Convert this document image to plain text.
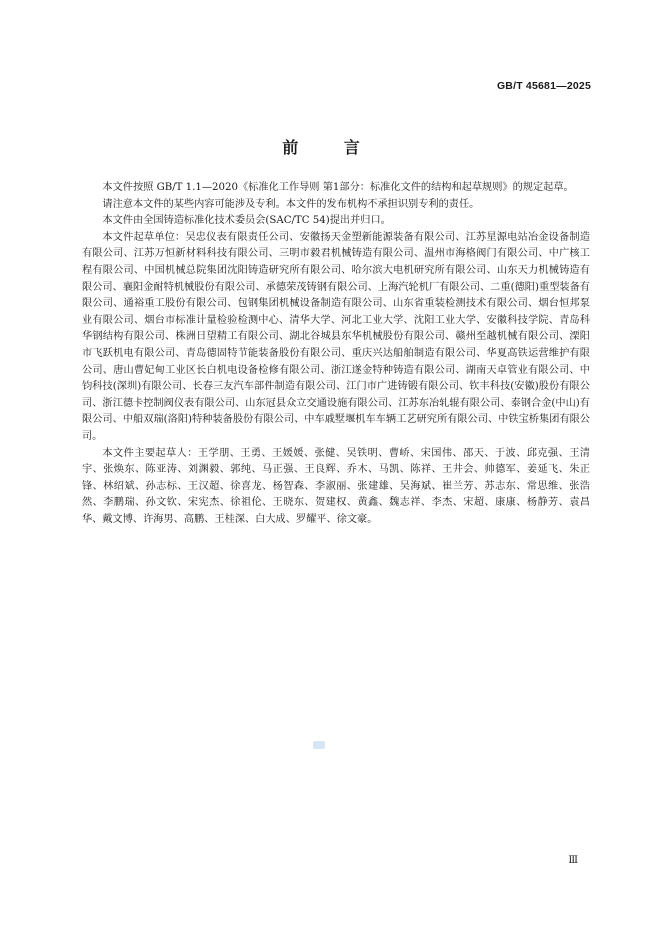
GB/T 45681—2025
前 言

本文件按照 GB/T 1.1—2020《标准化工作导则 第1部分：标准化文件的结构和起草规则》的规定起草。

请注意本文件的某些内容可能涉及专利。本文件的发布机构不承担识别专利的责任。

本文件由全国铸造标准化技术委员会(SAC/TC 54)提出并归口。

本文件起草单位：吴忠仪表有限责任公司、安徽扬天金塑新能源装备有限公司、江苏星源电站冶金设备制造有限公司、江苏万恒新材料科技有限公司、三明市毅君机械铸造有限公司、温州市海格阀门有限公司、中广核工程有限公司、中国机械总院集团沈阳铸造研究所有限公司、哈尔滨大电机研究所有限公司、山东天力机械铸造有限公司、襄阳金耐特机械股份有限公司、承德荣茂铸钢有限公司、上海汽轮机厂有限公司、二重(德阳)重型装备有限公司、通裕重工股份有限公司、包钢集团机械设备制造有限公司、山东省重装检测技术有限公司、烟台恒邦泵业有限公司、烟台市标准计量检验检测中心、清华大学、河北工业大学、沈阳工业大学、安徽科技学院、青岛科华钢结构有限公司、株洲日望精工有限公司、湖北谷城县东华机械股份有限公司、赣州至越机械有限公司、溧阳市飞跃机电有限公司、青岛德固特节能装备股份有限公司、重庆兴达船舶制造有限公司、华夏高铁运营维护有限公司、唐山曹妃甸工业区长白机电设备检修有限公司、浙江遂金特种铸造有限公司、湖南天卓管业有限公司、中钧科技(深圳)有限公司、长春三友汽车部件制造有限公司、江门市广进铸锻有限公司、钦丰科技(安徽)股份有限公司、浙江德卡控制阀仪表有限公司、山东冠县众立交通设施有限公司、江苏东冶轧辊有限公司、泰钢合金(中山)有限公司、中船双瑞(洛阳)特种装备股份有限公司、中车戚墅堰机车车辆工艺研究所有限公司、中铁宝桥集团有限公司。

本文件主要起草人：王学朋、王勇、王媛媛、张健、吴铁明、曹峤、宋国伟、邵天、于波、邱克强、王清宇、张焕东、陈亚涛、刘渊毅、郭纯、马正强、王良辉、乔木、马凯、陈祥、王井会、帅德军、姜延飞、朱正锋、林绍斌、孙志标、王汉超、徐喜龙、杨智森、李淑丽、张建雄、吴海斌、崔兰芳、苏志东、常思维、张浩然、李鹏瑞、孙文钦、宋宪杰、徐祖伦、王晓东、贺建权、黄鑫、魏志祥、李杰、宋超、康康、杨静芳、袁昌华、戴文博、许海男、高鹏、王桂深、白大成、罗耀平、徐文豪。

Ⅲ
